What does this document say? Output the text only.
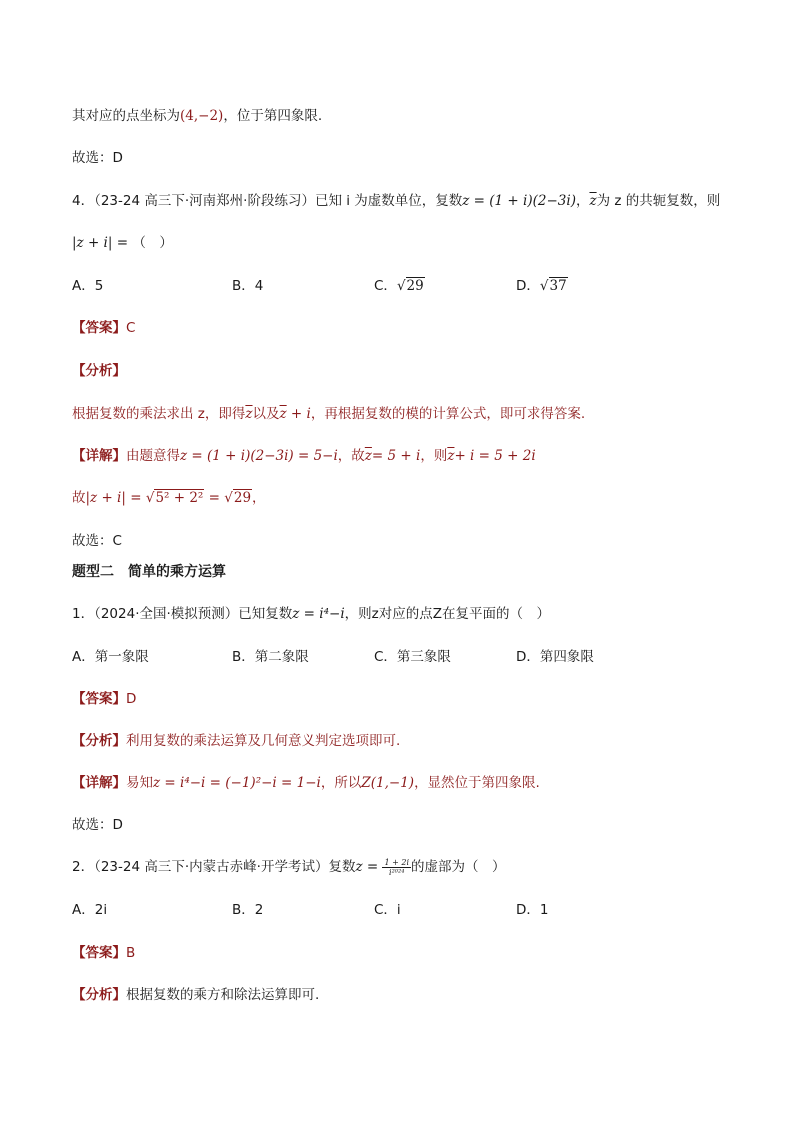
其对应的点坐标为(4,−2)，位于第四象限.
故选：D
4．（23-24 高三下·河南郑州·阶段练习）已知 i 为虚数单位，复数z = (1 + i)(2−3i)，$\overline{z}$为 z 的共轭复数，则
|z + i| = （　）
A．5	B．4	C．√29	D．√37
【答案】C
【分析】
根据复数的乘法求出 z，即得$\overline{z}$以及$\overline{z} + i$，再根据复数的模的计算公式，即可求得答案.
【详解】由题意得z = (1 + i)(2−3i) = 5−i，故$\overline{z}= 5 + i$，则$\overline{z}+ i = 5 + 2i$
故|z + i| = √5² + 2² = √29，
故选：C
题型二　简单的乘方运算
1．（2024·全国·模拟预测）已知复数z = i⁴−i，则z对应的点Z在复平面的（　）
A．第一象限	B．第二象限	C．第三象限	D．第四象限
【答案】D
【分析】利用复数的乘法运算及几何意义判定选项即可.
【详解】易知z = i⁴−i = (−1)²−i = 1−i，所以Z(1,−1)，显然位于第四象限.
故选：D
2．（23-24 高三下·内蒙古赤峰·开学考试）复数$z = \frac{1 + 2i}{\text{i²⁰²⁴}}$ 的虚部为（　）
A．2i	B．2	C．i	D．1
【答案】B
【分析】根据复数的乘方和除法运算即可.
